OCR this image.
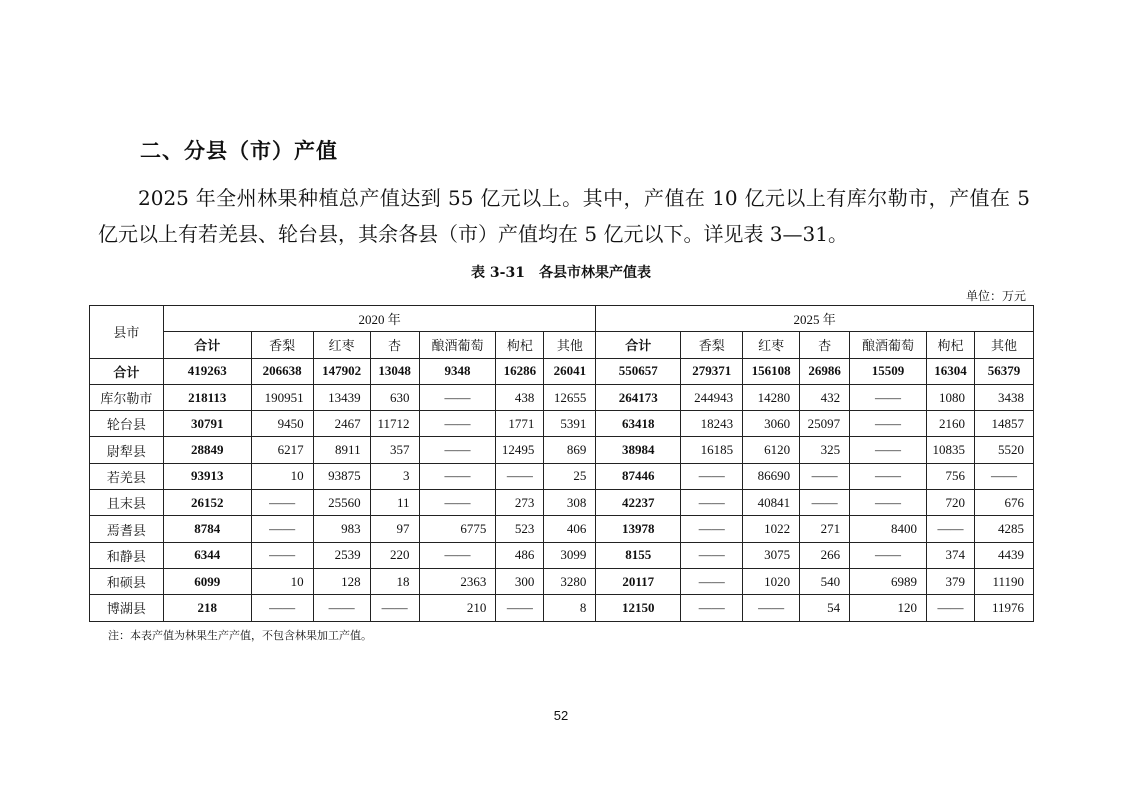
二、分县（市）产值
2025 年全州林果种植总产值达到 55 亿元以上。其中，产值在 10 亿元以上有库尔勒市，产值在 5 亿元以上有若羌县、轮台县，其余各县（市）产值均在 5 亿元以下。详见表 3—31。
表 3-31　各县市林果产值表
单位：万元
县市	2020 年							2025 年						
	合计	香梨	红枣	杏	酿酒葡萄	枸杞	其他	合计	香梨	红枣	杏	酿酒葡萄	枸杞	其他
合计	419263	206638	147902	13048	9348	16286	26041	550657	279371	156108	26986	15509	16304	56379
库尔勒市	218113	190951	13439	630	——	438	12655	264173	244943	14280	432	——	1080	3438
轮台县	30791	9450	2467	11712	——	1771	5391	63418	18243	3060	25097	——	2160	14857
尉犁县	28849	6217	8911	357	——	12495	869	38984	16185	6120	325	——	10835	5520
若羌县	93913	10	93875	3	——	——	25	87446	——	86690	——	——	756	——
且末县	26152	——	25560	11	——	273	308	42237	——	40841	——	——	720	676
焉耆县	8784	——	983	97	6775	523	406	13978	——	1022	271	8400	——	4285
和静县	6344	——	2539	220	——	486	3099	8155	——	3075	266	——	374	4439
和硕县	6099	10	128	18	2363	300	3280	20117	——	1020	540	6989	379	11190
博湖县	218	——	——	——	210	——	8	12150	——	——	54	120	——	11976
注：本表产值为林果生产产值，不包含林果加工产值。
52
